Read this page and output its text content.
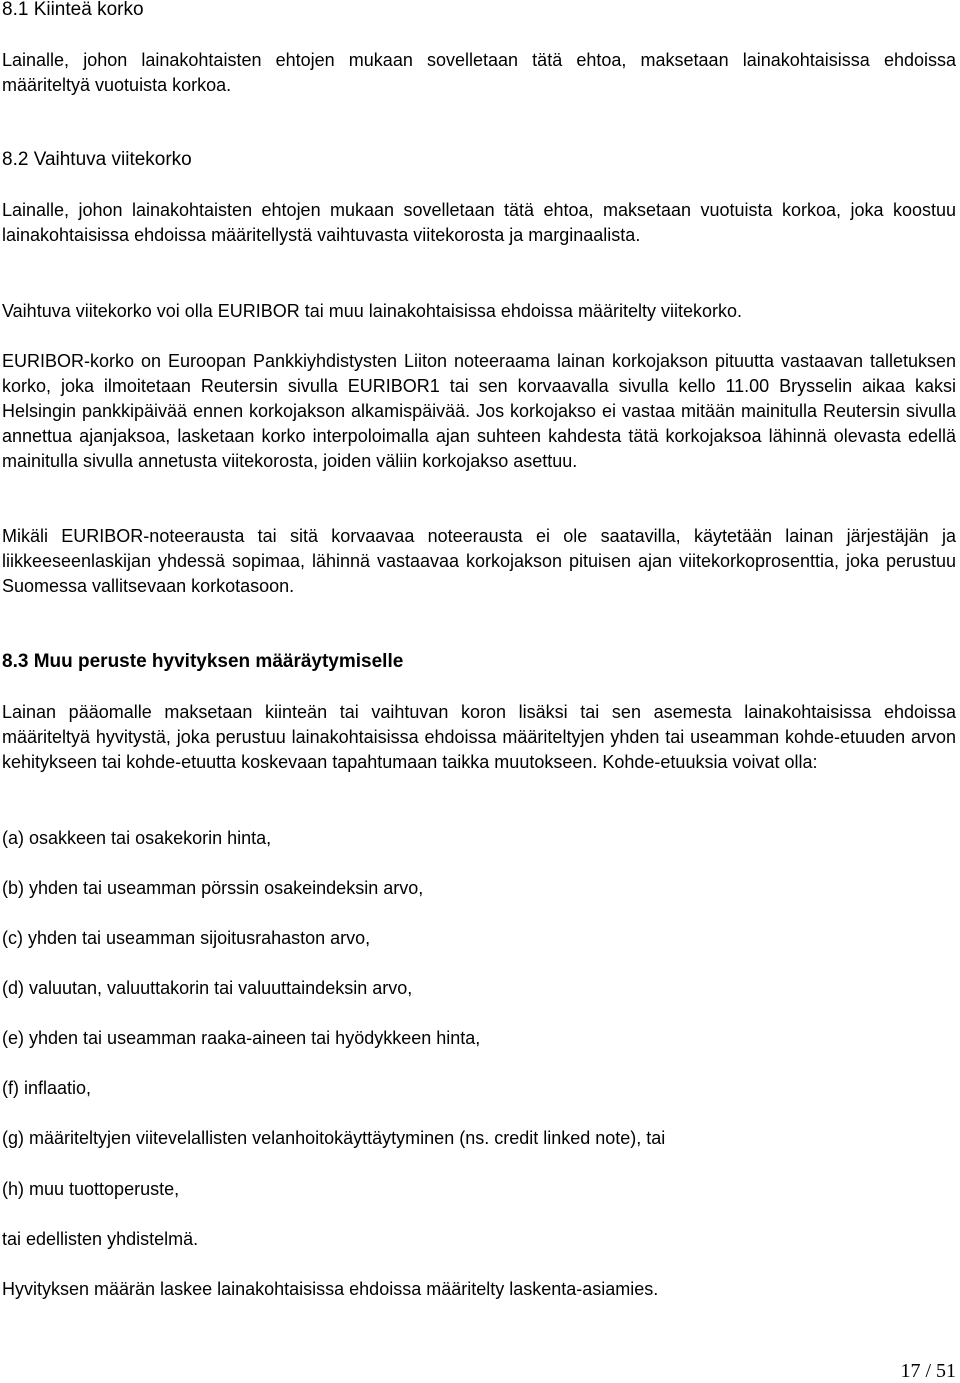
8.1 Kiinteä korko

Lainalle, johon lainakohtaisten ehtojen mukaan sovelletaan tätä ehtoa, maksetaan lainakohtaisissa ehdoissa määriteltyä vuotuista korkoa.

8.2 Vaihtuva viitekorko

Lainalle, johon lainakohtaisten ehtojen mukaan sovelletaan tätä ehtoa, maksetaan vuotuista korkoa, joka koostuu lainakohtaisissa ehdoissa määritellystä vaihtuvasta viitekorosta ja marginaalista.

Vaihtuva viitekorko voi olla EURIBOR tai muu lainakohtaisissa ehdoissa määritelty viitekorko.

EURIBOR-korko on Euroopan Pankkiyhdistysten Liiton noteeraama lainan korkojakson pituutta vastaavan talletuksen korko, joka ilmoitetaan Reutersin sivulla EURIBOR1 tai sen korvaavalla sivulla kello 11.00 Brysselin aikaa kaksi Helsingin pankkipäivää ennen korkojakson alkamispäivää. Jos korkojakso ei vastaa mitään mainitulla Reutersin sivulla annettua ajanjaksoa, lasketaan korko interpoloimalla ajan suhteen kahdesta tätä korkojaksoa lähinnä olevasta edellä mainitulla sivulla annetusta viitekorosta, joiden väliin korkojakso asettuu.

Mikäli EURIBOR-noteerausta tai sitä korvaavaa noteerausta ei ole saatavilla, käytetään lainan järjestäjän ja liikkeeseenlaskijan yhdessä sopimaa, lähinnä vastaavaa korkojakson pituisen ajan viitekorkoprosenttia, joka perustuu Suomessa vallitsevaan korkotasoon.

8.3 Muu peruste hyvityksen määräytymiselle

Lainan pääomalle maksetaan kiinteän tai vaihtuvan koron lisäksi tai sen asemesta lainakohtaisissa ehdoissa määriteltyä hyvitystä, joka perustuu lainakohtaisissa ehdoissa määriteltyjen yhden tai useamman kohde-etuuden arvon kehitykseen tai kohde-etuutta koskevaan tapahtumaan taikka muutokseen. Kohde-etuuksia voivat olla:

(a) osakkeen tai osakekorin hinta,

(b) yhden tai useamman pörssin osakeindeksin arvo,

(c) yhden tai useamman sijoitusrahaston arvo,

(d) valuutan, valuuttakorin tai valuuttaindeksin arvo,

(e) yhden tai useamman raaka-aineen tai hyödykkeen hinta,

(f) inflaatio,

(g) määriteltyjen viitevelallisten velanhoitokäyttäytyminen (ns. credit linked note), tai

(h) muu tuottoperuste,

tai edellisten yhdistelmä.

Hyvityksen määrän laskee lainakohtaisissa ehdoissa määritelty laskenta-asiamies.

17 / 51
